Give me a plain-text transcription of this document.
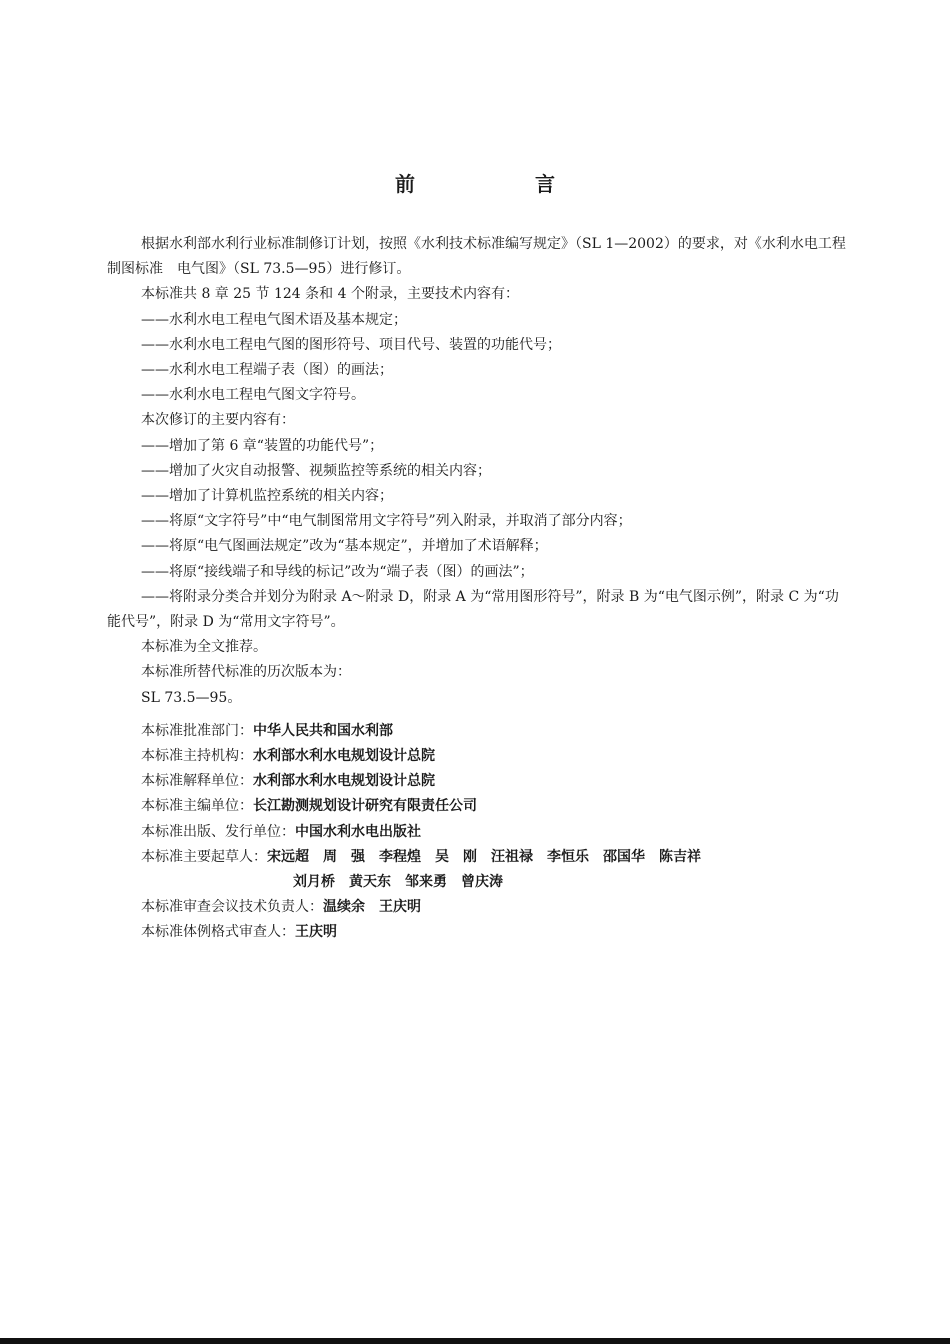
前　言

根据水利部水利行业标准制修订计划，按照《水利技术标准编写规定》（SL 1—2002）的要求，对《水利水电工程制图标准　电气图》（SL 73.5—95）进行修订。

本标准共 8 章 25 节 124 条和 4 个附录，主要技术内容有：

——水利水电工程电气图术语及基本规定；

——水利水电工程电气图的图形符号、项目代号、装置的功能代号；

——水利水电工程端子表（图）的画法；

——水利水电工程电气图文字符号。

本次修订的主要内容有：

——增加了第 6 章“装置的功能代号”；

——增加了火灾自动报警、视频监控等系统的相关内容；

——增加了计算机监控系统的相关内容；

——将原“文字符号”中“电气制图常用文字符号”列入附录，并取消了部分内容；

——将原“电气图画法规定”改为“基本规定”，并增加了术语解释；

——将原“接线端子和导线的标记”改为“端子表（图）的画法”；

——将附录分类合并划分为附录 A～附录 D，附录 A 为“常用图形符号”，附录 B 为“电气图示例”，附录 C 为“功能代号”，附录 D 为“常用文字符号”。

本标准为全文推荐。

本标准所替代标准的历次版本为：

SL 73.5—95。

本标准批准部门： 中华人民共和国水利部
本标准主持机构： 水利部水利水电规划设计总院
本标准解释单位： 水利部水利水电规划设计总院
本标准主编单位： 长江勘测规划设计研究有限责任公司
本标准出版、发行单位： 中国水利水电出版社
本标准主要起草人： 宋远超　周　强　李程煌　吴　刚　汪祖禄　李恒乐　邵国华　陈吉祥
刘月桥　黄天东　邹来勇　曾庆涛
本标准审查会议技术负责人： 温续余　王庆明
本标准体例格式审查人： 王庆明
